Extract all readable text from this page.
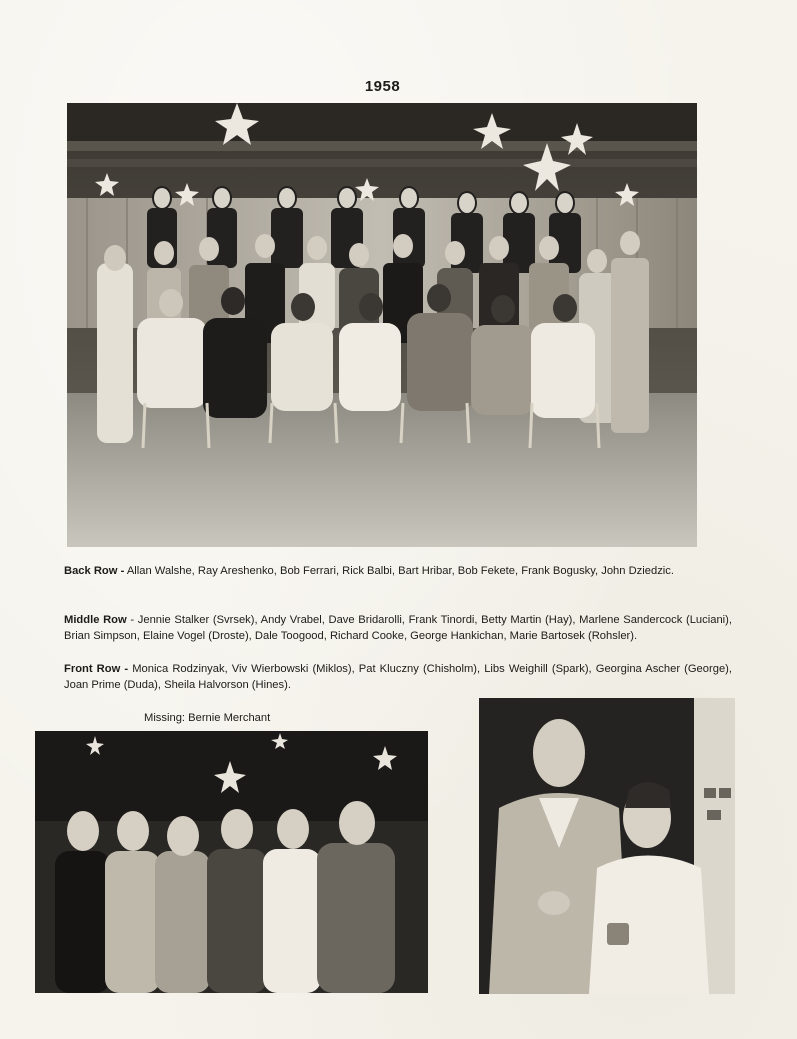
1958
Back Row - Allan Walshe, Ray Areshenko, Bob Ferrari, Rick Balbi, Bart Hribar, Bob Fekete, Frank Bogusky, John Dziedzic.
Middle Row - Jennie Stalker (Svrsek), Andy Vrabel, Dave Bridarolli, Frank Tinordi, Betty Martin (Hay), Marlene Sandercock (Luciani), Brian Simpson, Elaine Vogel (Droste), Dale Toogood, Richard Cooke, George Hankichan, Marie Bartosek (Rohsler).
Front Row - Monica Rodzinyak, Viv Wierbowski (Miklos), Pat Kluczny (Chisholm), Libs Weighill (Spark), Georgina Ascher (George), Joan Prime (Duda), Sheila Halvorson (Hines).
Missing: Bernie Merchant
